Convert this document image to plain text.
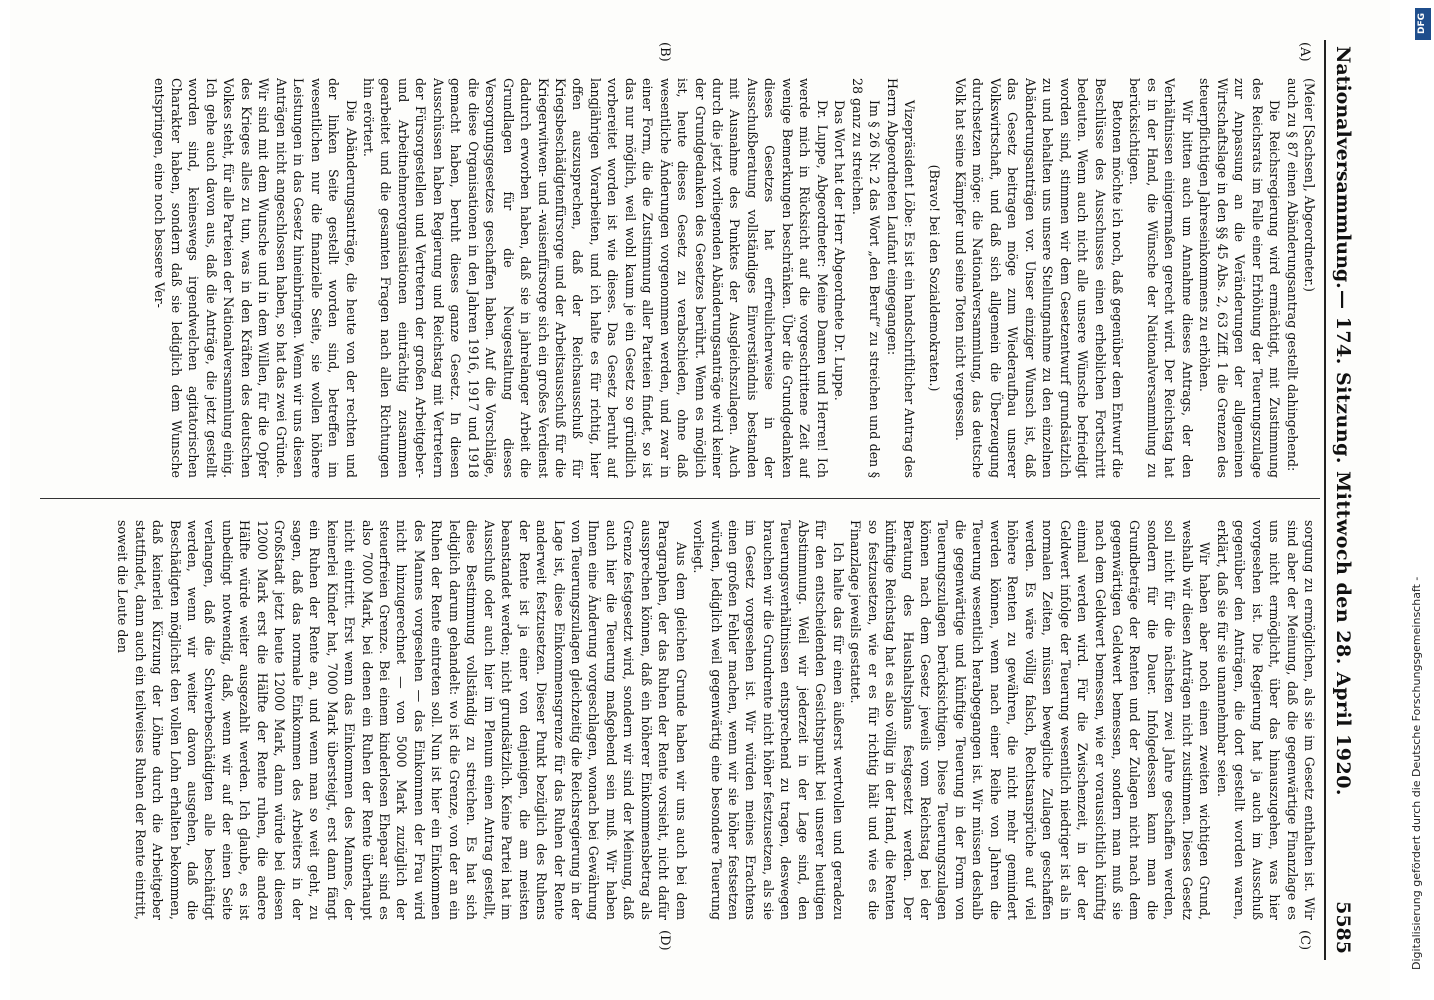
Nationalversammlung.
— 174. Sitzung. Mittwoch den 28. April 1920.
5585
(A)
(B)
(C)
(D)

(Meier [Sachsen], Abgeordneter.)

auch zu § 87 einen Abänderungsantrag gestellt dahingehend:

Die Reichsregierung wird ermächtigt, mit Zustimmung des Reichsrats im Falle einer Erhöhung der Teuerungszulage zur Anpassung an die Veränderungen der allgemeinen Wirtschaftslage in den §§ 45 Abs. 2, 63 Ziff. 1 die Grenzen des steuerpflichtigen Jahreseinkommens zu erhöhen.

Wir bitten auch um Annahme dieses Antrags, der den Verhältnissen einigermaßen gerecht wird. Der Reichstag hat es in der Hand, die Wünsche der Nationalversammlung zu berücksichtigen.

Betonen möchte ich noch, daß gegenüber dem Entwurf die Beschlüsse des Ausschusses einen erheblichen Fortschritt bedeuten. Wenn auch nicht alle unsere Wünsche befriedigt worden sind, stimmen wir dem Gesetzentwurf grundsätzlich zu und behalten uns unsere Stellungnahme zu den einzelnen Abänderungsanträgen vor. Unser einziger Wunsch ist, daß das Gesetz beitragen möge zum Wiederaufbau unserer Volkswirtschaft, und daß sich allgemein die Überzeugung durchsetzen möge: die Nationalversammlung, das deutsche Volk hat seine Kämpfer und seine Toten nicht vergessen.

(Bravo! bei den Sozialdemokraten.)

Vizepräsident Löbe: Es ist ein handschriftlicher Antrag des Herrn Abgeordneten Laufant eingegangen:

Im § 26 Nr. 2 das Wort „den Beruf“ zu streichen und den § 28 ganz zu streichen.

Das Wort hat der Herr Abgeordnete Dr. Luppe.

Dr. Luppe, Abgeordneter: Meine Damen und Herren! Ich werde mich in Rücksicht auf die vorgeschrittene Zeit auf wenige Bemerkungen beschränken. Über die Grundgedanken dieses Gesetzes hat erfreulicherweise in der Ausschußberatung vollständiges Einverständnis bestanden mit Ausnahme des Punktes der Ausgleichszulagen. Auch durch die jetzt vorliegenden Abänderungsanträge wird keiner der Grundgedanken des Gesetzes berührt. Wenn es möglich ist, heute dieses Gesetz zu verabschieden, ohne daß wesentliche Änderungen vorgenommen werden, und zwar in einer Form, die die Zustimmung aller Parteien findet, so ist das nur möglich, weil wohl kaum je ein Gesetz so gründlich vorbereitet worden ist wie dieses. Das Gesetz beruht auf langjährigen Vorarbeiten, und ich halte es für richtig, hier offen auszusprechen, daß der Reichsausschuß für Kriegsbeschädigtenfürsorge und der Arbeitsausschuß für die Kriegerwitwen- und -waisenfürsorge sich ein großes Verdienst dadurch erworben haben, daß sie in jahrelanger Arbeit die Grundlagen für die Neugestaltung dieses Versorgungsgesetzes geschaffen haben. Auf die Vorschläge, die diese Organisationen in den Jahren 1916, 1917 und 1918 gemacht haben, beruht dieses ganze Gesetz. In diesen Ausschüssen haben Regierung und Reichstag mit Vertretern der Fürsorgestellen und Vertretern der großen Arbeitgeber- und Arbeitnehmerorganisationen einträchtig zusammen gearbeitet und die gesamten Fragen nach allen Richtungen hin erörtert.

Die Abänderungsanträge, die heute von der rechten und der linken Seite gestellt worden sind, betreffen im wesentlichen nur die finanzielle Seite, sie wollen höhere Leistungen in das Gesetz hineinbringen. Wenn wir uns diesen Anträgen nicht angeschlossen haben, so hat das zwei Gründe. Wir sind mit dem Wunsche und in dem Willen, für die Opfer des Krieges alles zu tun, was in den Kräften des deutschen Volkes steht, für alle Parteien der Nationalversammlung einig. Ich gehe auch davon aus, daß die Anträge, die jetzt gestellt worden sind, keineswegs irgendwelchen agitatorischen Charakter haben, sondern daß sie lediglich dem Wunsche entspringen, eine noch bessere Ver-

sorgung zu ermöglichen, als sie im Gesetz enthalten ist. Wir sind aber der Meinung, daß die gegenwärtige Finanzlage es uns nicht ermöglicht, über das hinauszugehen, was hier vorgesehen ist. Die Regierung hat ja auch im Ausschuß gegenüber den Anträgen, die dort gestellt worden waren, erklärt, daß sie für sie unannehmbar seien.

Wir haben aber noch einen zweiten wichtigen Grund, weshalb wir diesen Anträgen nicht zustimmen. Dieses Gesetz soll nicht für die nächsten zwei Jahre geschaffen werden, sondern für die Dauer. Infolgedessen kann man die Grundbeträge der Renten und der Zulagen nicht nach dem gegenwärtigen Geldwert bemessen, sondern man muß sie nach dem Geldwert bemessen, wie er voraussichtlich künftig einmal werden wird. Für die Zwischenzeit, in der der Geldwert infolge der Teuerung wesentlich niedriger ist als in normalen Zeiten, müssen bewegliche Zulagen geschaffen werden. Es wäre völlig falsch, Rechtsansprüche auf viel höhere Renten zu gewähren, die nicht mehr gemindert werden können, wenn nach einer Reihe von Jahren die Teuerung wesentlich herabgegangen ist. Wir müssen deshalb die gegenwärtige und künftige Teuerung in der Form von Teuerungszulagen berücksichtigen. Diese Teuerungszulagen können nach dem Gesetz jeweils vom Reichstag bei der Beratung des Haushaltsplans festgesetzt werden. Der künftige Reichstag hat es also völlig in der Hand, die Renten so festzusetzen, wie er es für richtig hält und wie es die Finanzlage jeweils gestattet.

Ich halte das für einen äußerst wertvollen und geradezu für den entscheidenden Gesichtspunkt bei unserer heutigen Abstimmung. Weil wir jederzeit in der Lage sind, den Teuerungsverhältnissen entsprechend zu tragen, deswegen brauchen wir die Grundrente nicht höher festzusetzen, als sie im Gesetz vorgesehen ist. Wir würden meines Erachtens einen großen Fehler machen, wenn wir sie höher festsetzen würden, lediglich weil gegenwärtig eine besondere Teuerung vorliegt.

Aus dem gleichen Grunde haben wir uns auch bei dem Paragraphen, der das Ruhen der Rente vorsieht, nicht dafür aussprechen können, daß ein höherer Einkommensbetrag als Grenze festgesetzt wird, sondern wir sind der Meinung, daß auch hier die Teuerung maßgebend sein muß. Wir haben Ihnen eine Änderung vorgeschlagen, wonach bei Gewährung von Teuerungszulagen gleichzeitig die Reichsregierung in der Lage ist, diese Einkommensgrenze für das Ruhen der Rente anderweit festzusetzen. Dieser Punkt bezüglich des Ruhens der Rente ist ja einer von denjenigen, die am meisten beanstandet werden; nicht grundsätzlich. Keine Partei hat im Ausschuß oder auch hier im Plenum einen Antrag gestellt, diese Bestimmung vollständig zu streichen. Es hat sich lediglich darum gehandelt: wo ist die Grenze, von der an ein Ruhen der Rente eintreten soll. Nun ist hier ein Einkommen des Mannes vorgesehen — das Einkommen der Frau wird nicht hinzugerechnet — von 5000 Mark zuzüglich der steuerfreien Grenze. Bei einem kinderlosen Ehepaar sind es also 7000 Mark, bei denen ein Ruhen der Rente überhaupt nicht eintritt. Erst wenn das Einkommen des Mannes, der keinerlei Kinder hat, 7000 Mark übersteigt, erst dann fängt ein Ruhen der Rente an, und wenn man so weit geht, zu sagen, daß das normale Einkommen des Arbeiters in der Großstadt jetzt heute 12000 Mark, dann würde bei diesen 12000 Mark erst die Hälfte der Rente ruhen, die andere Hälfte würde weiter ausgezahlt werden. Ich glaube, es ist unbedingt notwendig, daß, wenn wir auf der einen Seite verlangen, daß die Schwerbeschädigten alle beschäftigt werden, wenn wir weiter davon ausgehen, daß die Beschädigten möglichst den vollen Lohn erhalten bekommen, daß keinerlei Kürzung der Löhne durch die Arbeitgeber stattfindet, dann auch ein teilweises Ruhen der Rente eintritt, soweit die Leute den

DFG
Digitalisierung gefördert durch die Deutsche Forschungsgemeinschaft -
